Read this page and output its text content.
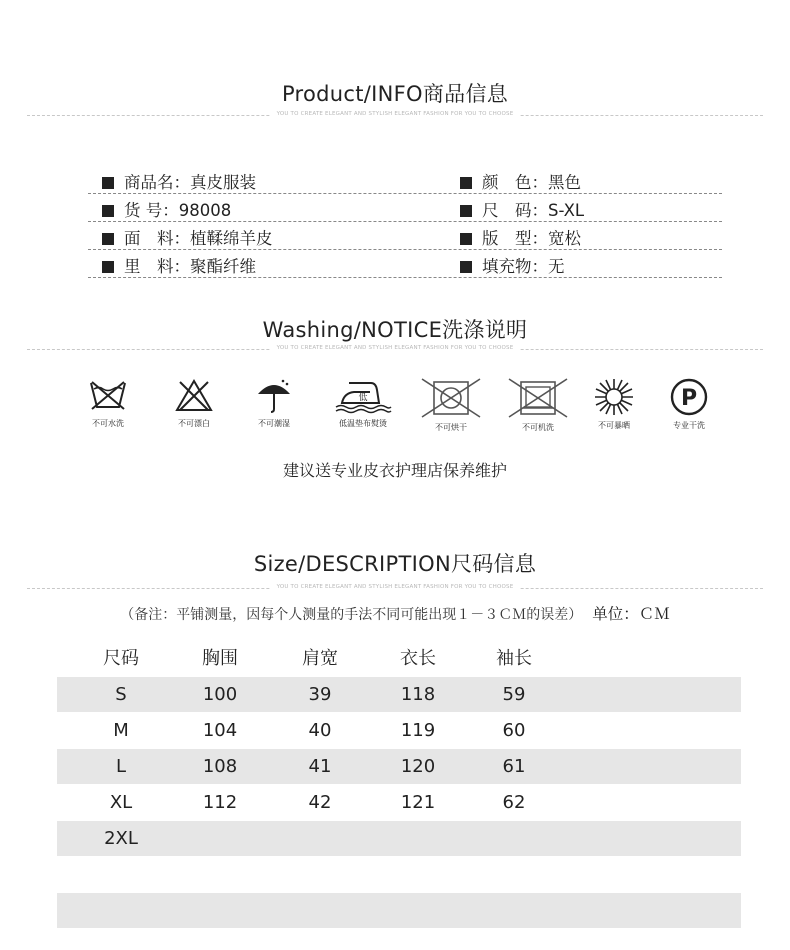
Product/INFO商品信息
YOU TO CREATE ELEGANT AND STYLISH ELEGANT FASHION FOR YOU TO CHOOSE
商品名：真皮服装	颜　色：黑色
货 号：98008	尺　码：S-XL
面　料：植鞣绵羊皮	版　型：宽松
里　料：聚酯纤维	填充物：无
Washing/NOTICE洗涤说明
YOU TO CREATE ELEGANT AND STYLISH ELEGANT FASHION FOR YOU TO CHOOSE
不可水洗	不可漂白	不可潮湿
低
低温垫布熨烫	不可烘干	不可机洗	不可暴晒
P
专业干洗
建议送专业皮衣护理店保养维护
Size/DESCRIPTION尺码信息
YOU TO CREATE ELEGANT AND STYLISH ELEGANT FASHION FOR YOU TO CHOOSE
（备注：平铺测量，因每个人测量的手法不同可能出现１－３ＣＭ的误差） 单位：ＣＭ
尺码	胸围	肩宽	衣长	袖长
S	100	39	118	59
M	104	40	119	60
L	108	41	120	61
XL	112	42	121	62
2XL
